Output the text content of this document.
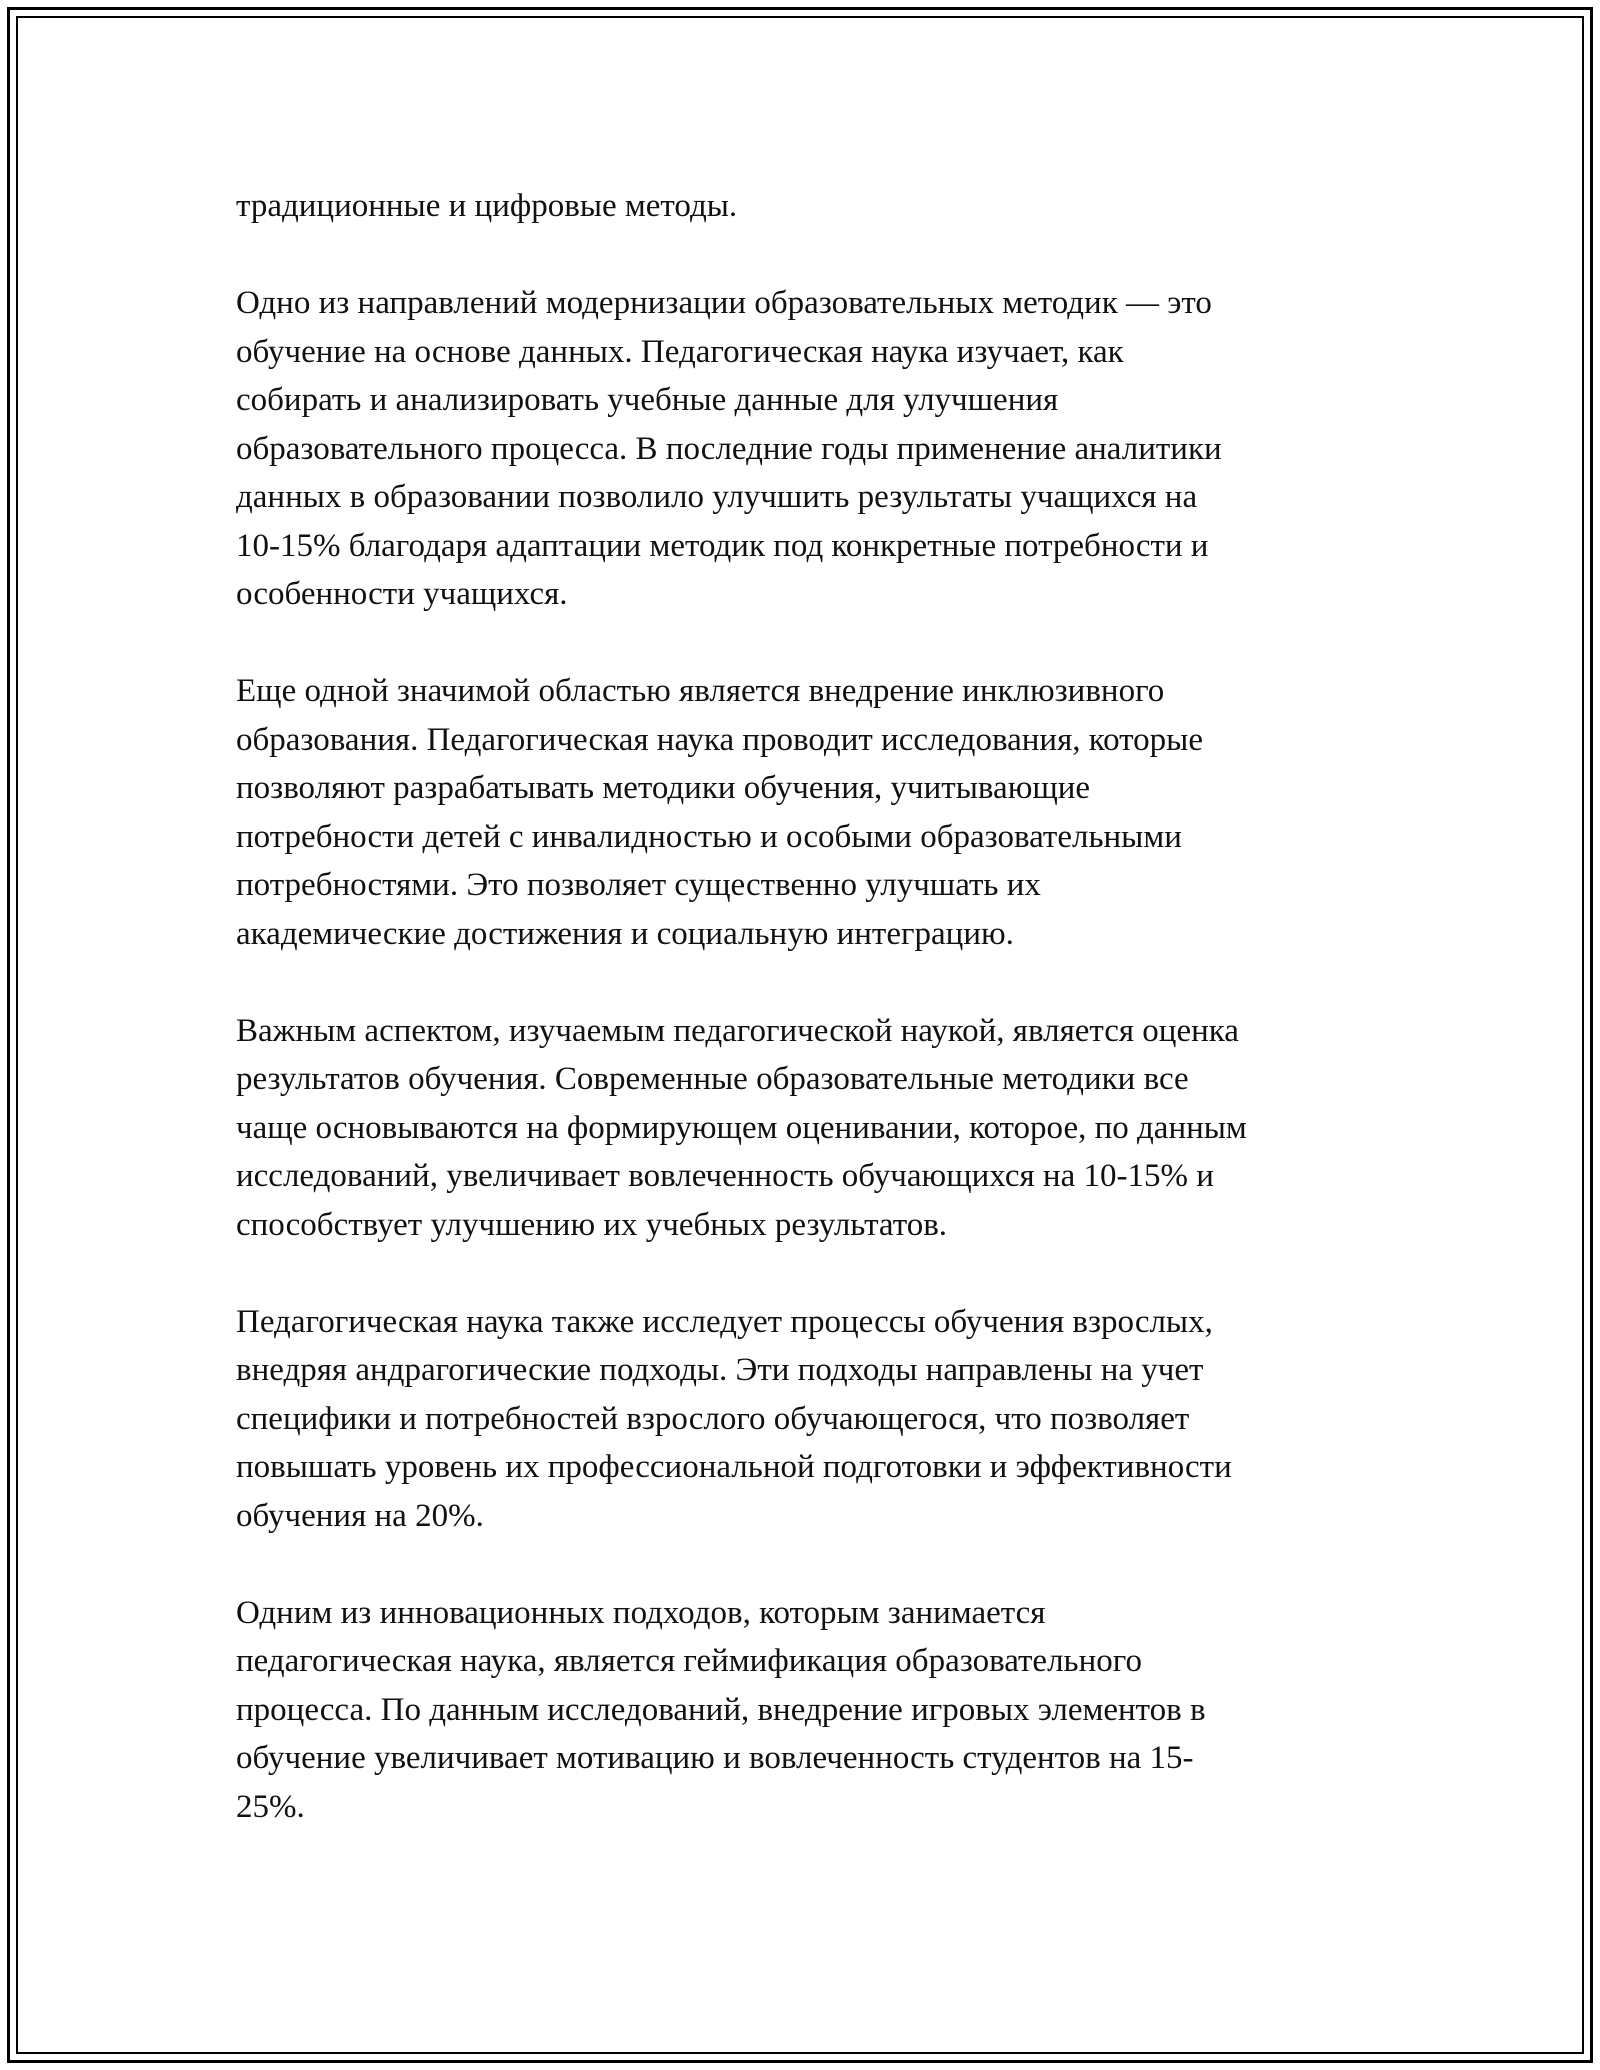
традиционные и цифровые методы.

Одно из направлений модернизации образовательных методик — это
обучение на основе данных. Педагогическая наука изучает, как
собирать и анализировать учебные данные для улучшения
образовательного процесса. В последние годы применение аналитики
данных в образовании позволило улучшить результаты учащихся на
10-15% благодаря адаптации методик под конкретные потребности и
особенности учащихся.

Еще одной значимой областью является внедрение инклюзивного
образования. Педагогическая наука проводит исследования, которые
позволяют разрабатывать методики обучения, учитывающие
потребности детей с инвалидностью и особыми образовательными
потребностями. Это позволяет существенно улучшать их
академические достижения и социальную интеграцию.

Важным аспектом, изучаемым педагогической наукой, является оценка
результатов обучения. Современные образовательные методики все
чаще основываются на формирующем оценивании, которое, по данным
исследований, увеличивает вовлеченность обучающихся на 10-15% и
способствует улучшению их учебных результатов.

Педагогическая наука также исследует процессы обучения взрослых,
внедряя андрагогические подходы. Эти подходы направлены на учет
специфики и потребностей взрослого обучающегося, что позволяет
повышать уровень их профессиональной подготовки и эффективности
обучения на 20%.

Одним из инновационных подходов, которым занимается
педагогическая наука, является геймификация образовательного
процесса. По данным исследований, внедрение игровых элементов в
обучение увеличивает мотивацию и вовлеченность студентов на 15-
25%.
